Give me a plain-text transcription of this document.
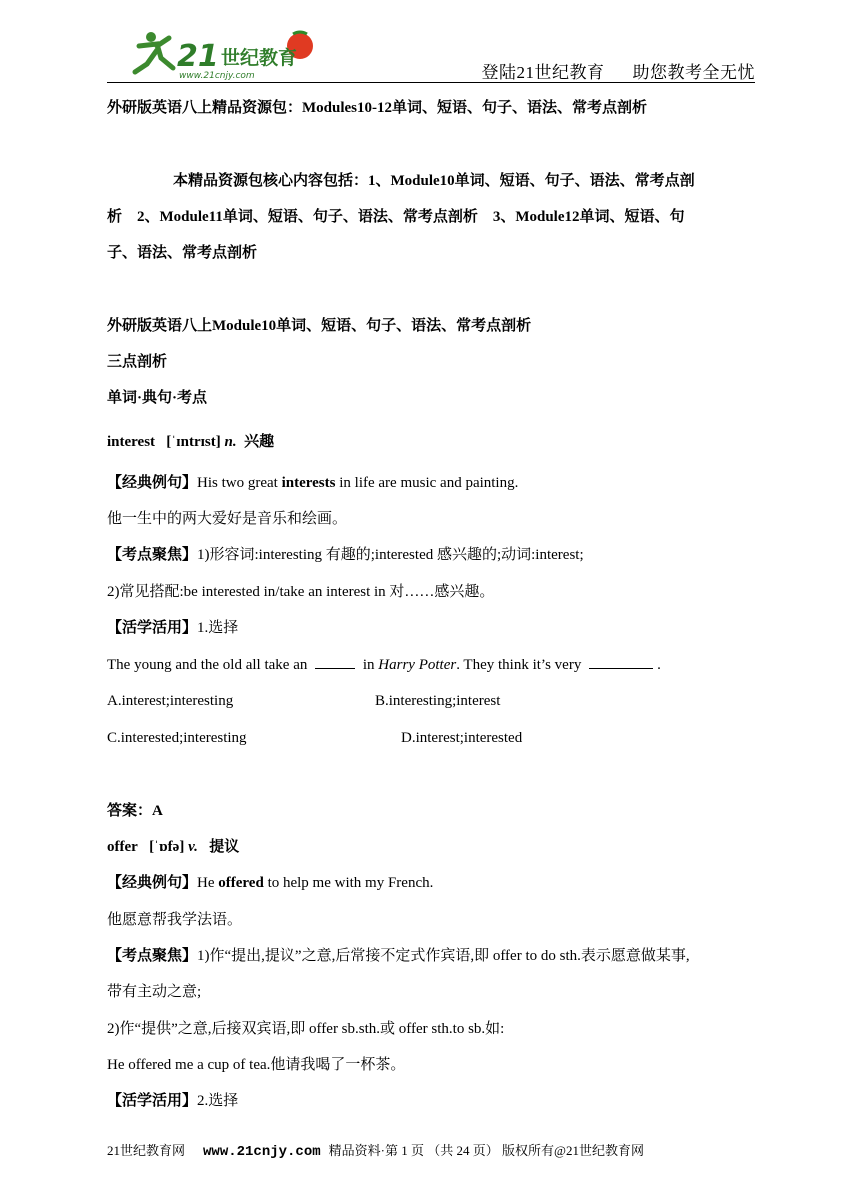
21 世纪教育
www.21cnjy.com	登陆21世纪教育 助您教考全无忧
外研版英语八上精品资源包：Modules10-12单词、短语、句子、语法、常考点剖析
本精品资源包核心内容包括：1、Module10单词、短语、句子、语法、常考点剖
析　2、Module11单词、短语、句子、语法、常考点剖析　3、Module12单词、短语、句
子、语法、常考点剖析
外研版英语八上Module10单词、短语、句子、语法、常考点剖析
三点剖析
单词·典句·考点
interest [ˈɪntrɪst] n. 兴趣
【经典例句】His two great interests in life are music and painting.
他一生中的两大爱好是音乐和绘画。
【考点聚焦】1)形容词:interesting 有趣的;interested 感兴趣的;动词:interest;
2)常见搭配:be interested in/take an interest in 对……感兴趣。
【活学活用】1.选择
The young and the old all take an	in Harry Potter. They think it’s very	.
A.interest;interesting	B.interesting;interest
C.interested;interesting	D.interest;interested
答案：A
offer [ˈɒfə] v. 提议
【经典例句】He offered to help me with my French.
他愿意帮我学法语。
【考点聚焦】1)作“提出,提议”之意,后常接不定式作宾语,即 offer to do sth.表示愿意做某事,
带有主动之意;
2)作“提供”之意,后接双宾语,即 offer sb.sth.或 offer sth.to sb.如:
He offered me a cup of tea.他请我喝了一杯茶。
【活学活用】2.选择
21世纪教育网 www.21cnjy.com 精品资料·第 1 页 （共 24 页） 版权所有@21世纪教育网
